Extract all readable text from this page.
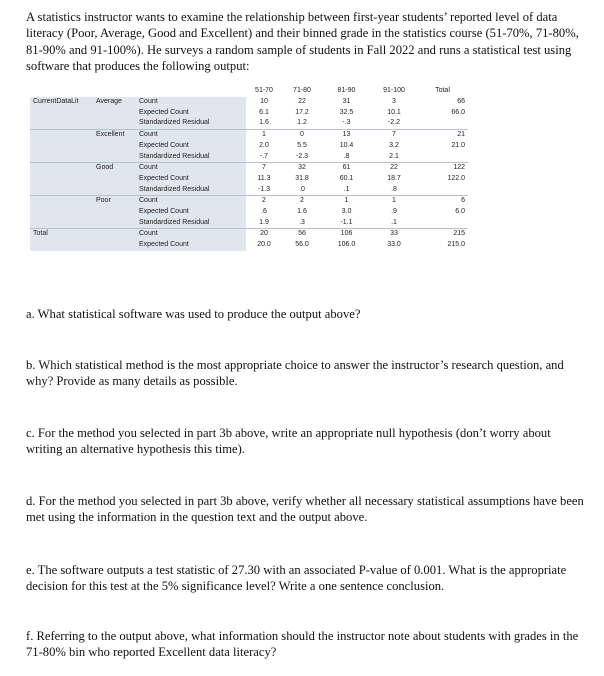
A statistics instructor wants to examine the relationship between first-year students’ reported level of data literacy (Poor, Average, Good and Excellent) and their binned grade in the statistics course (51-70%, 71-80%, 81-90% and 91-100%). He surveys a random sample of students in Fall 2022 and runs a statistical test using software that produces the following output:
			51-70	71-80	81-90	91-100	Total
CurrentDataLit	Average	Count	10	22	31	3	66
		Expected Count	6.1	17.2	32.5	10.1	66.0
		Standardized Residual	1.6	1.2	-.3	-2.2	
	Excellent	Count	1	0	13	7	21
		Expected Count	2.0	5.5	10.4	3.2	21.0
		Standardized Residual	-.7	-2.3	.8	2.1	
	Good	Count	7	32	61	22	122
		Expected Count	11.3	31.8	60.1	18.7	122.0
		Standardized Residual	-1.3	.0	.1	.8	
	Poor	Count	2	2	1	1	6
		Expected Count	.6	1.6	3.0	.9	6.0
		Standardized Residual	1.9	.3	-1.1	.1	
Total		Count	20	56	106	33	215
		Expected Count	20.0	56.0	106.0	33.0	215.0
a. What statistical software was used to produce the output above?
b. Which statistical method is the most appropriate choice to answer the instructor’s research question, and why? Provide as many details as possible.
c. For the method you selected in part 3b above, write an appropriate null hypothesis (don’t worry about writing an alternative hypothesis this time).
d. For the method you selected in part 3b above, verify whether all necessary statistical assumptions have been met using the information in the question text and the output above.
e. The software outputs a test statistic of 27.30 with an associated P-value of 0.001. What is the appropriate decision for this test at the 5% significance level? Write a one sentence conclusion.
f. Referring to the output above, what information should the instructor note about students with grades in the 71-80% bin who reported Excellent data literacy?
